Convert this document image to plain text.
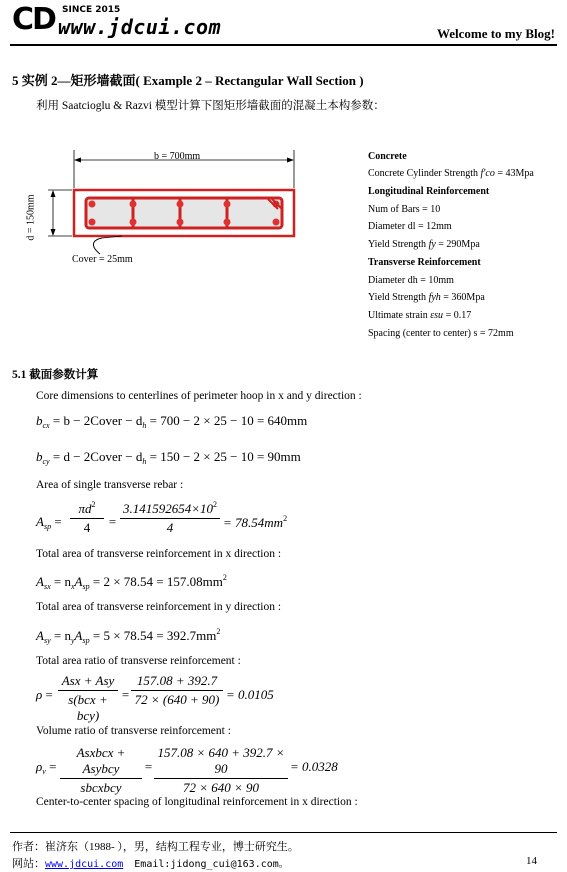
CD SINCE 2015
www.jdcui.com	Welcome to my Blog!
5 实例 2—矩形墙截面( Example 2 – Rectangular Wall Section )
利用 Saatcioglu & Razvi 模型计算下图矩形墙截面的混凝土本构参数：
b = 700mm
d = 150mm
Cover = 25mm
Concrete
Concrete Cylinder Strength f'co = 43Mpa
Longitudinal Reinforcement
Num of Bars = 10
Diameter dl = 12mm
Yield Strength fy = 290Mpa
Transverse Reinforcement
Diameter dh = 10mm
Yield Strength fyh = 360Mpa
Ultimate strain εsu = 0.17
Spacing (center to center) s = 72mm
5.1 截面参数计算
Core dimensions to centerlines of perimeter hoop in x and y direction :
$b_{cx} = b$ − 2Cover − $d_h = 700 - 2 \times 25 - 10 = 640mm$
$b_{cy} = d$ − 2Cover − $d_h = 150 - 2 \times 25 - 10 = 90mm$
Area of single transverse rebar :
$A_{sp} = \frac{\pi d^2}{4} = \frac{3.141592654\times 10^2}{4} = 78.54mm^2$
Total area of transverse reinforcement in x direction :
$A_{sx} = n_xA_{sp} = 2 \times 78.54 = 157.08mm^2$
Total area of transverse reinforcement in y direction :
$A_{sy} = n_yA_{sp} = 5 \times 78.54 = 392.7mm^2$
Total area ratio of transverse reinforcement :
ρ =
Asx + Asy
s(bcx + bcy)
= $\frac{157.08 + 392.7}{72 \times (640 + 90)} = 0.0105$
Volume ratio of transverse reinforcement :
$\rho_v$ =
Asxbcx + Asybcy
sbcxbcy
= $\frac{157.08 \times 640 + 392.7 \times 90}{72 \times 640 \times 90} = 0.0328$
Center-to-center spacing of longitudinal reinforcement in x direction :
作者：崔济东（1988- ），男，结构工程专业，博士研究生。
网站：www.jdcui.com Email:jidong_cui@163.com。	14
